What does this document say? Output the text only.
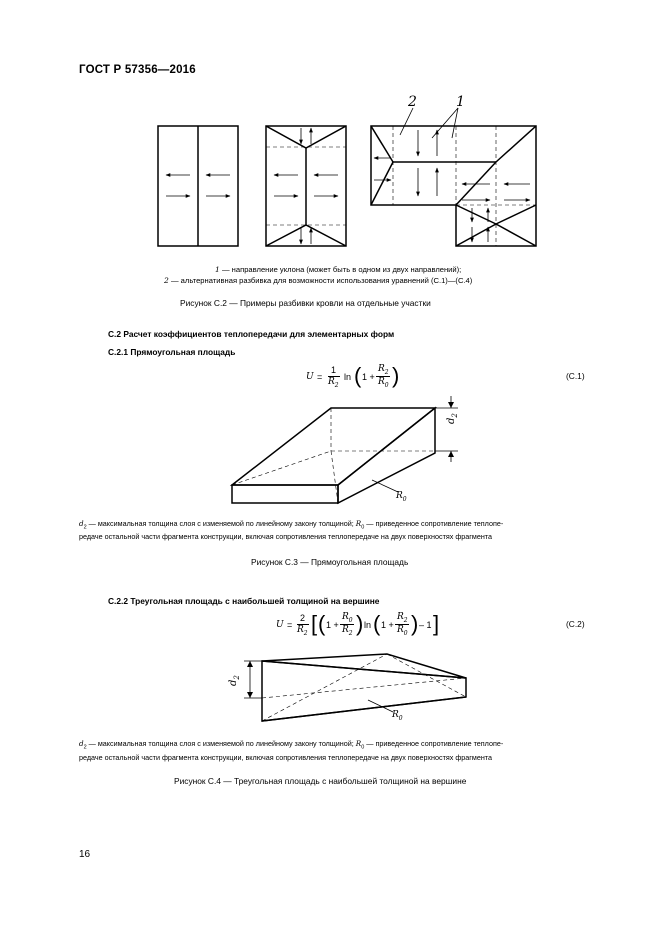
ГОСТ Р 57356—2016
2	1
1 — направление уклона (может быть в одном из двух направлений);
2 — альтернативная разбивка для возможности использования уравнений (С.1)—(С.4)
Рисунок С.2 — Примеры разбивки кровли на отдельные участки
С.2 Расчет коэффициентов теплопередачи для элементарных форм
С.2.1 Прямоугольная площадь
U =
1
$R_2$
ln ( 1 +
$R_2$
$R_0$ )	(С.1)
$d_2$
$R_0$
$d_2$ — максимальная толщина слоя с изменяемой по линейному закону толщиной; $R_0$ — приведенное сопротивление теплопе-
редаче остальной части фрагмента конструкции, включая сопротивления теплопередаче на двух поверхностях фрагмента
Рисунок С.3 — Прямоугольная площадь
С.2.2 Треугольная площадь с наибольшей толщиной на вершине
U =
2
$R_2$ [ ( 1 +
$R_0$
$R_2$ ) ln ( 1 +
$R_2$
$R_0$ ) – 1 ]	(С.2)
$d_2$
$R_0$
$d_2$ — максимальная толщина слоя с изменяемой по линейному закону толщиной; $R_0$ — приведенное сопротивление теплопе-
редаче остальной части фрагмента конструкции, включая сопротивления теплопередаче на двух поверхностях фрагмента
Рисунок С.4 — Треугольная площадь с наибольшей толщиной на вершине
16
